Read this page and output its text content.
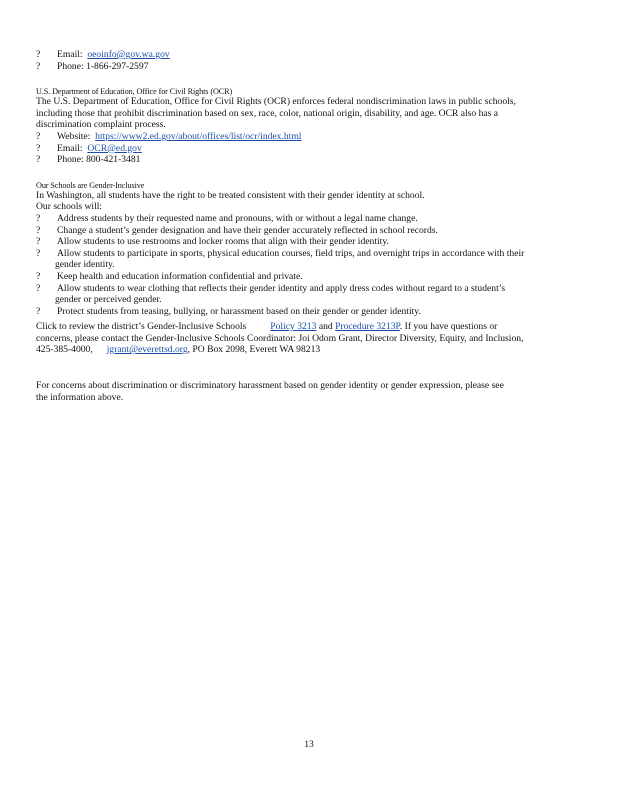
? Email: oeoinfo@gov.wa.gov
? Phone: 1-866-297-2597
U.S. Department of Education, Office for Civil Rights (OCR)
The U.S. Department of Education, Office for Civil Rights (OCR) enforces federal nondiscrimination laws in public schools, including those that prohibit discrimination based on sex, race, color, national origin, disability, and age. OCR also has a discrimination complaint process.
? Website: https://www2.ed.gov/about/offices/list/ocr/index.html
? Email: OCR@ed.gov
? Phone: 800-421-3481
Our Schools are Gender-Inclusive
In Washington, all students have the right to be treated consistent with their gender identity at school.
Our schools will:
? Address students by their requested name and pronouns, with or without a legal name change.
? Change a student’s gender designation and have their gender accurately reflected in school records.
? Allow students to use restrooms and locker rooms that align with their gender identity.
? Allow students to participate in sports, physical education courses, field trips, and overnight trips in accordance with their gender identity.
? Keep health and education information confidential and private.
? Allow students to wear clothing that reflects their gender identity and apply dress codes without regard to a student’s gender or perceived gender.
? Protect students from teasing, bullying, or harassment based on their gender or gender identity.
Click to review the district’s Gender-Inclusive Schools	Policy 3213 and Procedure 3213P. If you have questions or concerns, please contact the Gender-Inclusive Schools Coordinator: Joi Odom Grant, Director Diversity, Equity, and Inclusion, 425-385-4000, jgrant@everettsd.org, PO Box 2098, Everett WA 98213
For concerns about discrimination or discriminatory harassment based on gender identity or gender expression, please see the information above.
13
